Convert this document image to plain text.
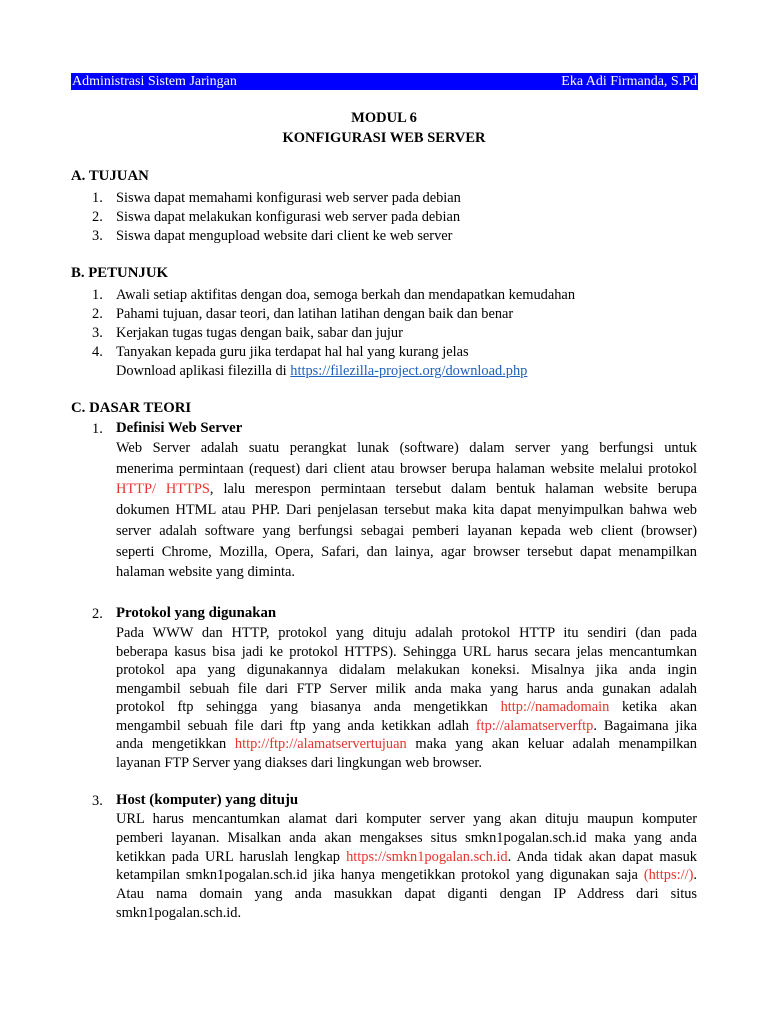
Administrasi Sistem Jaringan	Eka Adi Firmanda, S.Pd
MODUL 6
KONFIGURASI WEB SERVER
A. TUJUAN
1. Siswa dapat memahami konfigurasi web server pada debian
2. Siswa dapat melakukan konfigurasi web server pada debian
3. Siswa dapat mengupload website dari client ke web server
B. PETUNJUK
1. Awali setiap aktifitas dengan doa, semoga berkah dan mendapatkan kemudahan
2. Pahami tujuan, dasar teori, dan latihan latihan dengan baik dan benar
3. Kerjakan tugas tugas dengan baik, sabar dan jujur
4. Tanyakan kepada guru jika terdapat hal hal yang kurang jelas
Download aplikasi filezilla di https://filezilla-project.org/download.php
C. DASAR TEORI
1. Definisi Web Server
Web Server adalah suatu perangkat lunak (software) dalam server yang berfungsi untuk
menerima permintaan (request) dari client atau browser berupa halaman website melalui protokol
HTTP/ HTTPS, lalu merespon permintaan tersebut dalam bentuk halaman website berupa
dokumen HTML atau PHP. Dari penjelasan tersebut maka kita dapat menyimpulkan bahwa web
server adalah software yang berfungsi sebagai pemberi layanan kepada web client (browser)
seperti Chrome, Mozilla, Opera, Safari, dan lainya, agar browser tersebut dapat menampilkan
halaman website yang diminta.
2. Protokol yang digunakan
Pada WWW dan HTTP, protokol yang dituju adalah protokol HTTP itu sendiri (dan pada
beberapa kasus bisa jadi ke protokol HTTPS). Sehingga URL harus secara jelas mencantumkan
protokol apa yang digunakannya didalam melakukan koneksi. Misalnya jika anda ingin
mengambil sebuah file dari FTP Server milik anda maka yang harus anda gunakan adalah
protokol ftp sehingga yang biasanya anda mengetikkan http://namadomain ketika akan
mengambil sebuah file dari ftp yang anda ketikkan adlah ftp://alamatserverftp. Bagaimana jika
anda mengetikkan http://ftp://alamatservertujuan maka yang akan keluar adalah menampilkan
layanan FTP Server yang diakses dari lingkungan web browser.
3. Host (komputer) yang dituju
URL harus mencantumkan alamat dari komputer server yang akan dituju maupun komputer
pemberi layanan. Misalkan anda akan mengakses situs smkn1pogalan.sch.id maka yang anda
ketikkan pada URL haruslah lengkap https://smkn1pogalan.sch.id. Anda tidak akan dapat masuk
ketampilan smkn1pogalan.sch.id jika hanya mengetikkan protokol yang digunakan saja (https://).
Atau nama domain yang anda masukkan dapat diganti dengan IP Address dari situs
smkn1pogalan.sch.id.
